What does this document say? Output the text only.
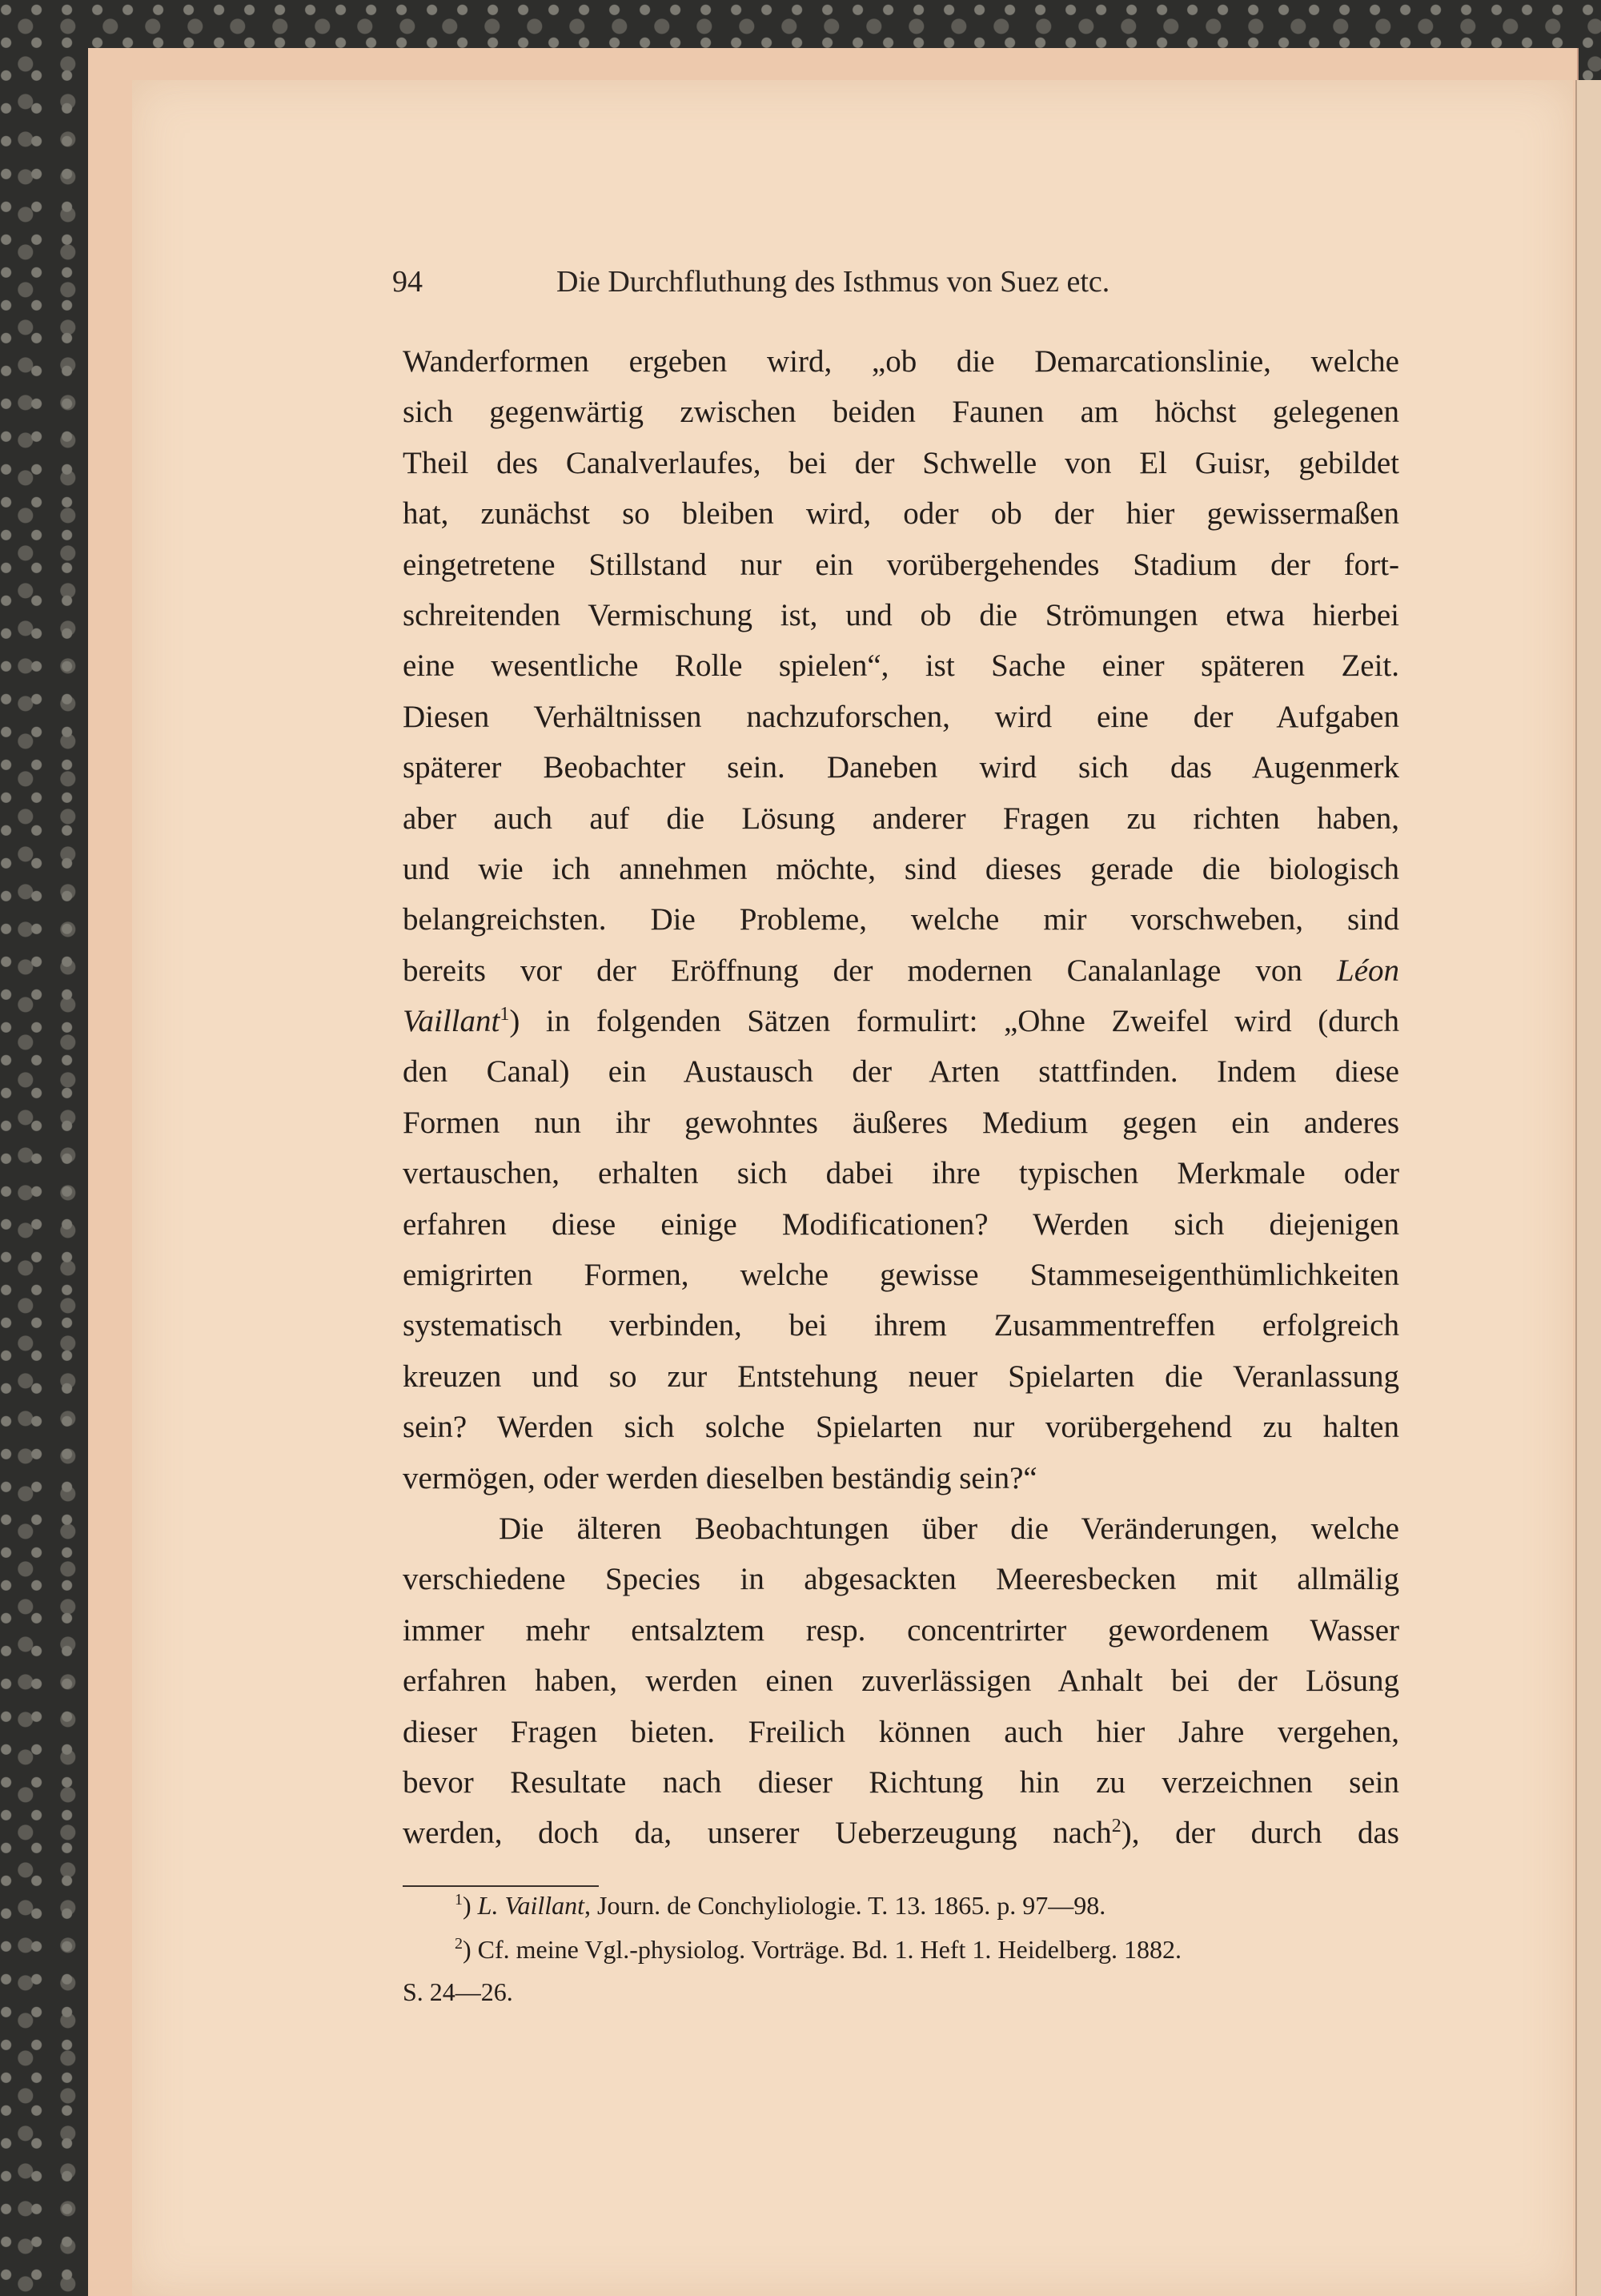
94	Die Durchfluthung des Isthmus von Suez etc.
Wanderformen ergeben wird, „ob die Demarcationslinie, welche
sich gegenwärtig zwischen beiden Faunen am höchst gelegenen
Theil des Canalverlaufes, bei der Schwelle von El Guisr, gebildet
hat, zunächst so bleiben wird, oder ob der hier gewissermaßen
eingetretene Stillstand nur ein vorübergehendes Stadium der fort-
schreitenden Vermischung ist, und ob die Strömungen etwa hierbei
eine wesentliche Rolle spielen“, ist Sache einer späteren Zeit.
Diesen Verhältnissen nachzuforschen, wird eine der Aufgaben
späterer Beobachter sein. Daneben wird sich das Augenmerk
aber auch auf die Lösung anderer Fragen zu richten haben,
und wie ich annehmen möchte, sind dieses gerade die biologisch
belangreichsten. Die Probleme, welche mir vorschweben, sind
bereits vor der Eröffnung der modernen Canalanlage von Léon
Vaillant$^1$) in folgenden Sätzen formulirt: „Ohne Zweifel wird (durch
den Canal) ein Austausch der Arten stattfinden. Indem diese
Formen nun ihr gewohntes äußeres Medium gegen ein anderes
vertauschen, erhalten sich dabei ihre typischen Merkmale oder
erfahren diese einige Modificationen? Werden sich diejenigen
emigrirten Formen, welche gewisse Stammeseigenthümlichkeiten
systematisch verbinden, bei ihrem Zusammentreffen erfolgreich
kreuzen und so zur Entstehung neuer Spielarten die Veranlassung
sein? Werden sich solche Spielarten nur vorübergehend zu halten
vermögen, oder werden dieselben beständig sein?“
Die älteren Beobachtungen über die Veränderungen, welche
verschiedene Species in abgesackten Meeresbecken mit allmälig
immer mehr entsalztem resp. concentrirter gewordenem Wasser
erfahren haben, werden einen zuverlässigen Anhalt bei der Lösung
dieser Fragen bieten. Freilich können auch hier Jahre vergehen,
bevor Resultate nach dieser Richtung hin zu verzeichnen sein
werden, doch da, unserer Ueberzeugung nach$^2$), der durch das
$^1$) L. Vaillant, Journ. de Conchyliologie. T. 13. 1865. p. 97—98.
$^2$) Cf. meine Vgl.-physiolog. Vorträge. Bd. 1. Heft 1. Heidelberg. 1882.
S. 24—26.
